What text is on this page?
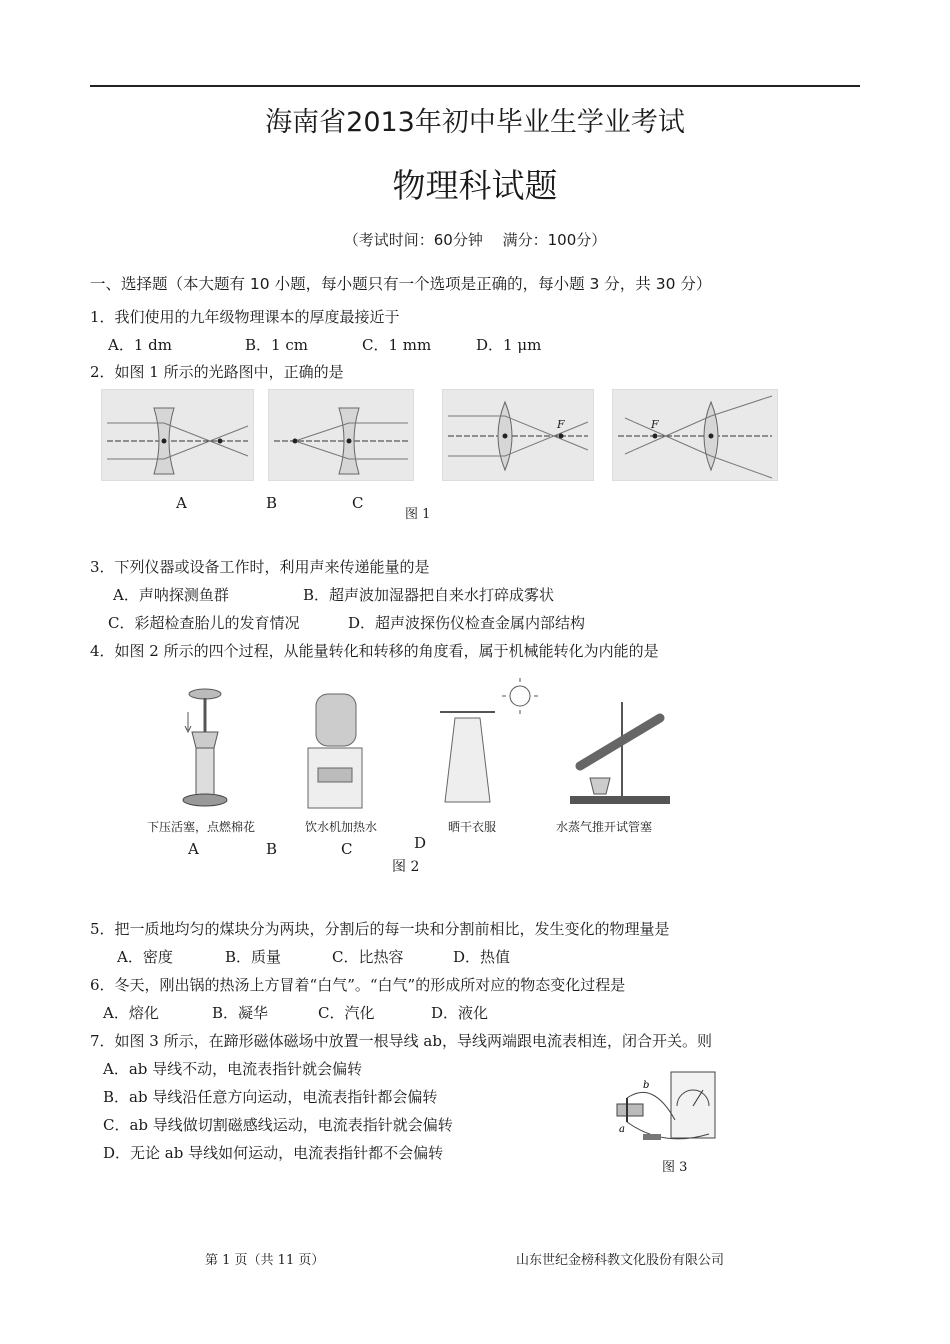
海南省2013年初中毕业生学业考试
物理科试题
（考试时间：60分钟　 满分：100分）
一、选择题（本大题有 10 小题，每小题只有一个选项是正确的，每小题 3 分，共 30 分）
1．我们使用的九年级物理课本的厚度最接近于
A．1 dm	B．1 cm	C．1 mm	D．1 μm
2．如图 1 所示的光路图中，正确的是
F	F
A	B	C
图 1
3．下列仪器或设备工作时，利用声来传递能量的是
A．声呐探测鱼群	B．超声波加湿器把自来水打碎成雾状
C．彩超检查胎儿的发育情况	D．超声波探伤仪检查金属内部结构
4．如图 2 所示的四个过程，从能量转化和转移的角度看，属于机械能转化为内能的是
下压活塞，点燃棉花	饮水机加热水	晒干衣服	水蒸气推开试管塞
A	B	C	D
图 2
5．把一质地均匀的煤块分为两块，分割后的每一块和分割前相比，发生变化的物理量是
A．密度	B．质量	C．比热容	D．热值
6．冬天，刚出锅的热汤上方冒着“白气”。“白气”的形成所对应的物态变化过程是
A．熔化	B．凝华	C．汽化	D．液化
7．如图 3 所示，在蹄形磁体磁场中放置一根导线 ab，导线两端跟电流表相连，闭合开关。则
A．ab 导线不动，电流表指针就会偏转
B．ab 导线沿任意方向运动，电流表指针都会偏转
C．ab 导线做切割磁感线运动，电流表指针就会偏转
D．无论 ab 导线如何运动，电流表指针都不会偏转
b
a
图 3
第 1 页（共 11 页）	山东世纪金榜科教文化股份有限公司
